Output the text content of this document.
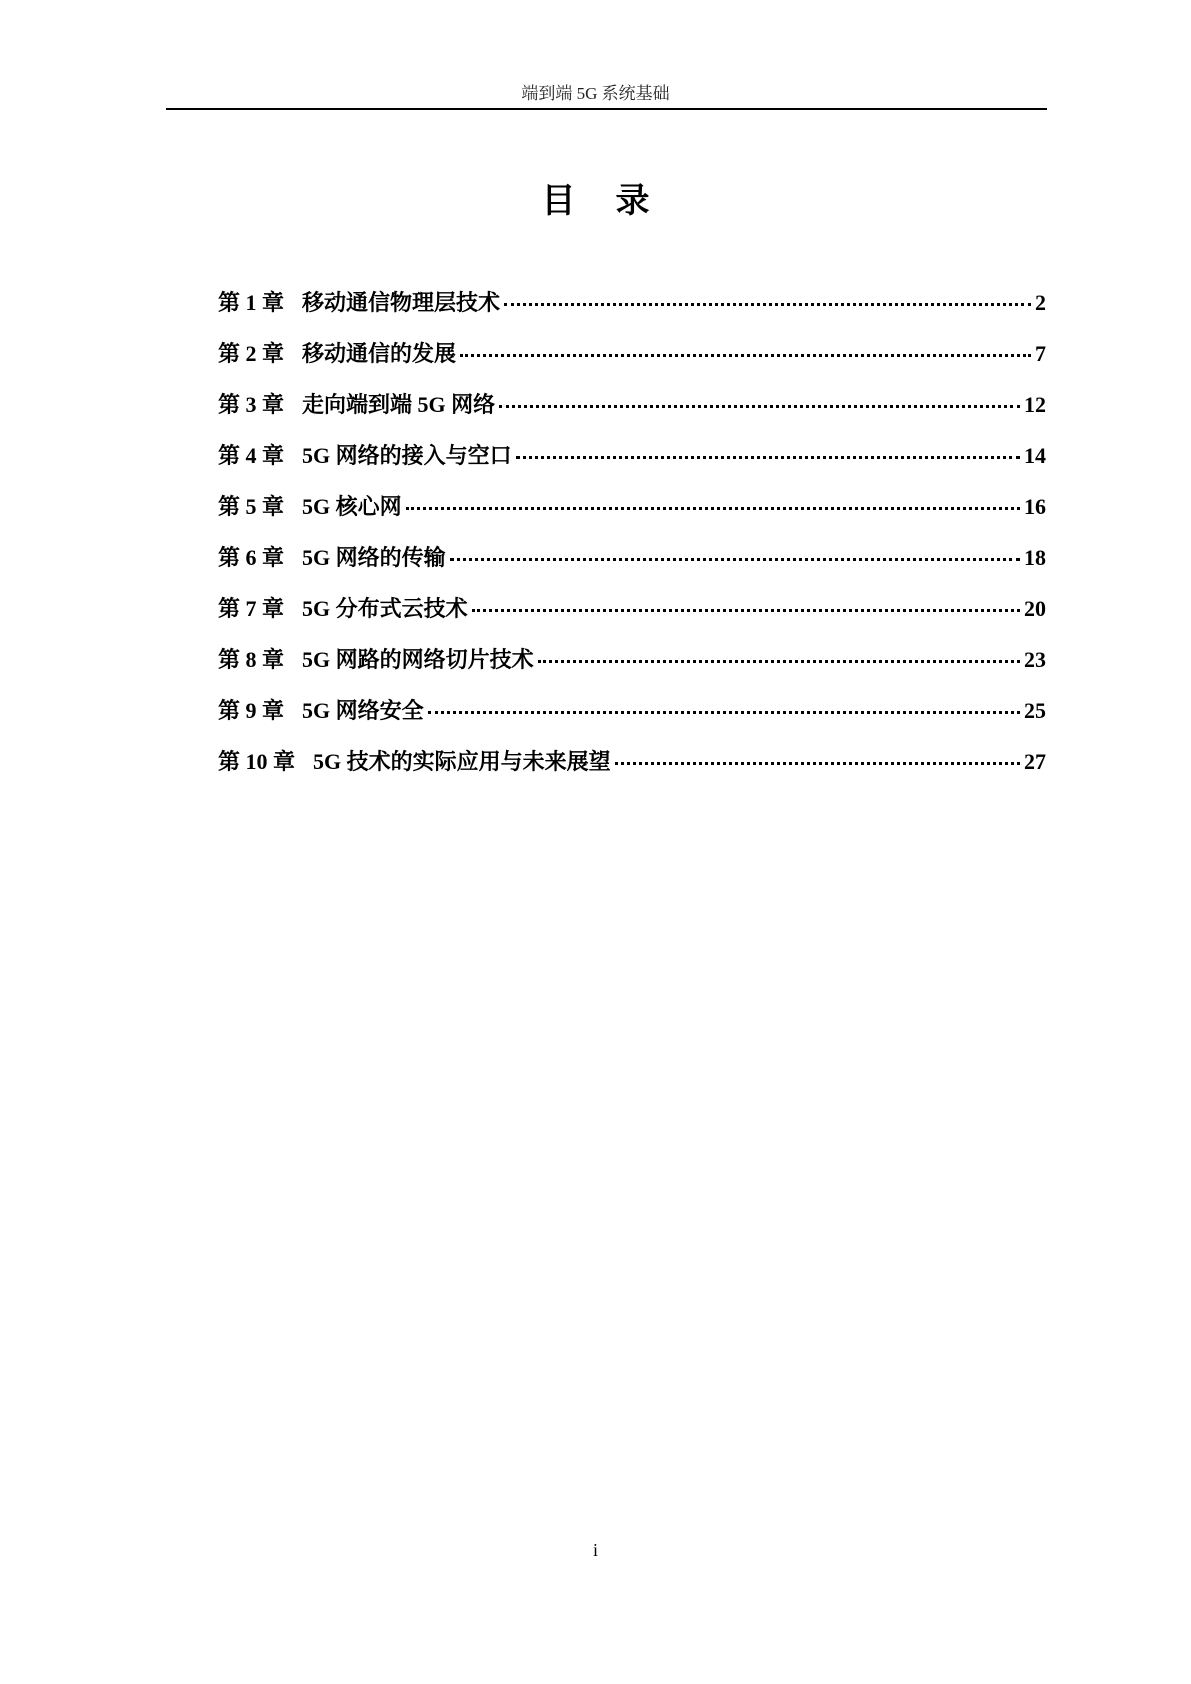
端到端 5G 系统基础
目录
第 1 章 移动通信物理层技术	2
第 2 章 移动通信的发展	7
第 3 章 走向端到端 5G 网络	12
第 4 章 5G 网络的接入与空口	14
第 5 章 5G 核心网	16
第 6 章 5G 网络的传输	18
第 7 章 5G 分布式云技术	20
第 8 章 5G 网路的网络切片技术	23
第 9 章 5G 网络安全	25
第 10 章 5G 技术的实际应用与未来展望	27
i
